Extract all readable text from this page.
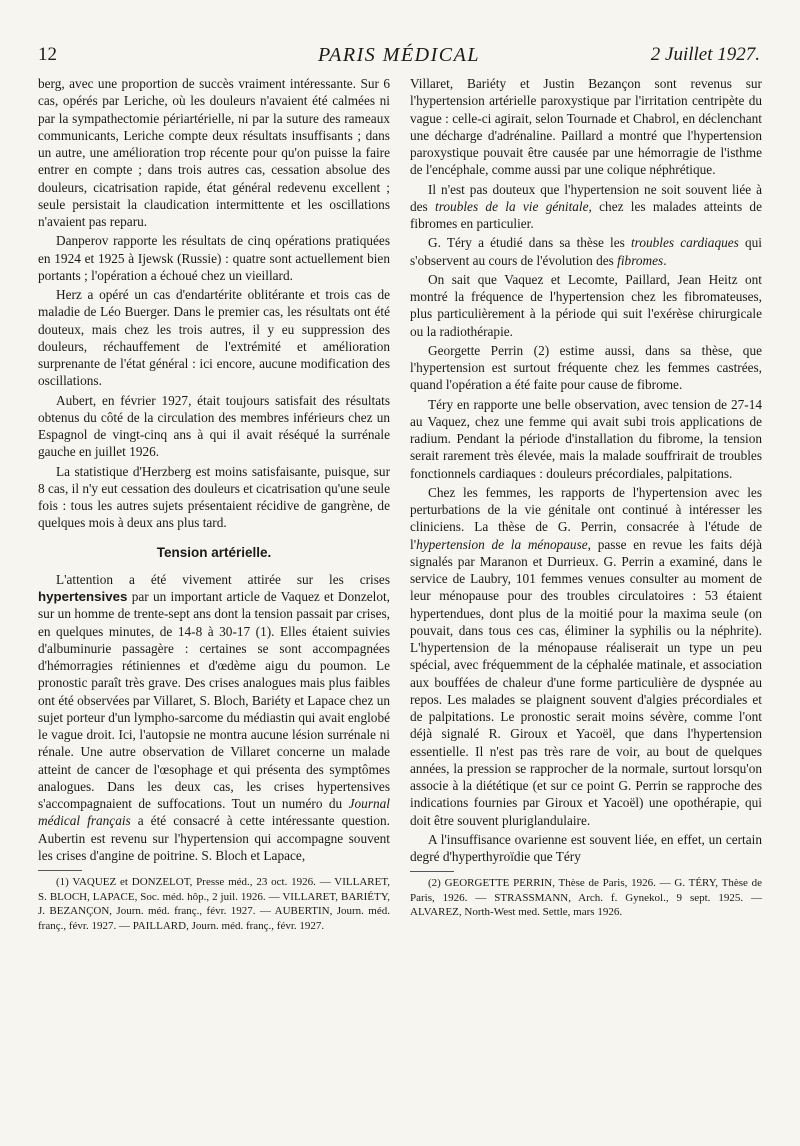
12	PARIS MÉDICAL	2 Juillet 1927.

berg, avec une proportion de succès vraiment intéressante. Sur 6 cas, opérés par Leriche, où les douleurs n'avaient été calmées ni par la sympathectomie périartérielle, ni par la suture des rameaux communicants, Leriche compte deux résultats insuffisants ; dans un autre, une amélioration trop récente pour qu'on puisse la faire entrer en compte ; dans trois autres cas, cessation absolue des douleurs, cicatrisation rapide, état général redevenu excellent ; seule persistait la claudication intermittente et les oscillations n'avaient pas reparu.

Danperov rapporte les résultats de cinq opérations pratiquées en 1924 et 1925 à Ijewsk (Russie) : quatre sont actuellement bien portants ; l'opération a échoué chez un vieillard.

Herz a opéré un cas d'endartérite oblitérante et trois cas de maladie de Léo Buerger. Dans le premier cas, les résultats ont été douteux, mais chez les trois autres, il y eu suppression des douleurs, réchauffement de l'extrémité et amélioration surprenante de l'état général : ici encore, aucune modification des oscillations.

Aubert, en février 1927, était toujours satisfait des résultats obtenus du côté de la circulation des membres inférieurs chez un Espagnol de vingt-cinq ans à qui il avait réséqué la surrénale gauche en juillet 1926.

La statistique d'Herzberg est moins satisfaisante, puisque, sur 8 cas, il n'y eut cessation des douleurs et cicatrisation qu'une seule fois : tous les autres sujets présentaient récidive de gangrène, de quelques mois à deux ans plus tard.

Tension artérielle.

L'attention a été vivement attirée sur les crises hypertensives par un important article de Vaquez et Donzelot, sur un homme de trente-sept ans dont la tension passait par crises, en quelques minutes, de 14-8 à 30-17 (1). Elles étaient suivies d'albuminurie passagère : certaines se sont accompagnées d'hémorragies rétiniennes et d'œdème aigu du poumon. Le pronostic paraît très grave. Des crises analogues mais plus faibles ont été observées par Villaret, S. Bloch, Bariéty et Lapace chez un sujet porteur d'un lympho-sarcome du médiastin qui avait englobé le vague droit. Ici, l'autopsie ne montra aucune lésion surrénale ni rénale. Une autre observation de Villaret concerne un malade atteint de cancer de l'œsophage et qui présenta des symptômes analogues. Dans les deux cas, les crises hypertensives s'accompagnaient de suffocations. Tout un numéro du Journal médical français a été consacré à cette intéressante question. Aubertin est revenu sur l'hypertension qui accompagne souvent les crises d'angine de poitrine. S. Bloch et Lapace,

(1) VAQUEZ et DONZELOT, Presse méd., 23 oct. 1926. — VILLARET, S. BLOCH, LAPACE, Soc. méd. hôp., 2 juil. 1926. — VILLARET, BARIÉTY, J. BEZANÇON, Journ. méd. franç., févr. 1927. — AUBERTIN, Journ. méd. franç., févr. 1927. — PAILLARD, Journ. méd. franç., févr. 1927.

Villaret, Bariéty et Justin Bezançon sont revenus sur l'hypertension artérielle paroxystique par l'irritation centripète du vague : celle-ci agirait, selon Tournade et Chabrol, en déclenchant une décharge d'adrénaline. Paillard a montré que l'hypertension paroxystique pouvait être causée par une hémorragie de l'isthme de l'encéphale, comme aussi par une colique néphrétique.

Il n'est pas douteux que l'hypertension ne soit souvent liée à des troubles de la vie génitale, chez les malades atteints de fibromes en particulier.

G. Téry a étudié dans sa thèse les troubles cardiaques qui s'observent au cours de l'évolution des fibromes.

On sait que Vaquez et Lecomte, Paillard, Jean Heitz ont montré la fréquence de l'hypertension chez les fibromateuses, plus particulièrement à la période qui suit l'exérèse chirurgicale ou la radiothérapie.

Georgette Perrin (2) estime aussi, dans sa thèse, que l'hypertension est surtout fréquente chez les femmes castrées, quand l'opération a été faite pour cause de fibrome.

Téry en rapporte une belle observation, avec tension de 27-14 au Vaquez, chez une femme qui avait subi trois applications de radium. Pendant la période d'installation du fibrome, la tension serait rarement très élevée, mais la malade souffrirait de troubles fonctionnels cardiaques : douleurs précordiales, palpitations.

Chez les femmes, les rapports de l'hypertension avec les perturbations de la vie génitale ont continué à intéresser les cliniciens. La thèse de G. Perrin, consacrée à l'étude de l'hypertension de la ménopause, passe en revue les faits déjà signalés par Maranon et Durrieux. G. Perrin a examiné, dans le service de Laubry, 101 femmes venues consulter au moment de leur ménopause pour des troubles circulatoires : 53 étaient hypertendues, dont plus de la moitié pour la maxima seule (on pouvait, dans tous ces cas, éliminer la syphilis ou la néphrite). L'hypertension de la ménopause réaliserait un type un peu spécial, avec fréquemment de la céphalée matinale, et association aux bouffées de chaleur d'une forme particulière de dyspnée au repos. Les malades se plaignent souvent d'algies précordiales et de palpitations. Le pronostic serait moins sévère, comme l'ont déjà signalé R. Giroux et Yacoël, que dans l'hypertension essentielle. Il n'est pas très rare de voir, au bout de quelques années, la pression se rapprocher de la normale, surtout lorsqu'on associe à la diététique (et sur ce point G. Perrin se rapproche des indications fournies par Giroux et Yacoël) une opothérapie, qui doit être souvent pluriglandulaire.

A l'insuffisance ovarienne est souvent liée, en effet, un certain degré d'hyperthyroïdie que Téry

(2) GEORGETTE PERRIN, Thèse de Paris, 1926. — G. TÉRY, Thèse de Paris, 1926. — STRASSMANN, Arch. f. Gynekol., 9 sept. 1925. — ALVAREZ, North-West med. Settle, mars 1926.
